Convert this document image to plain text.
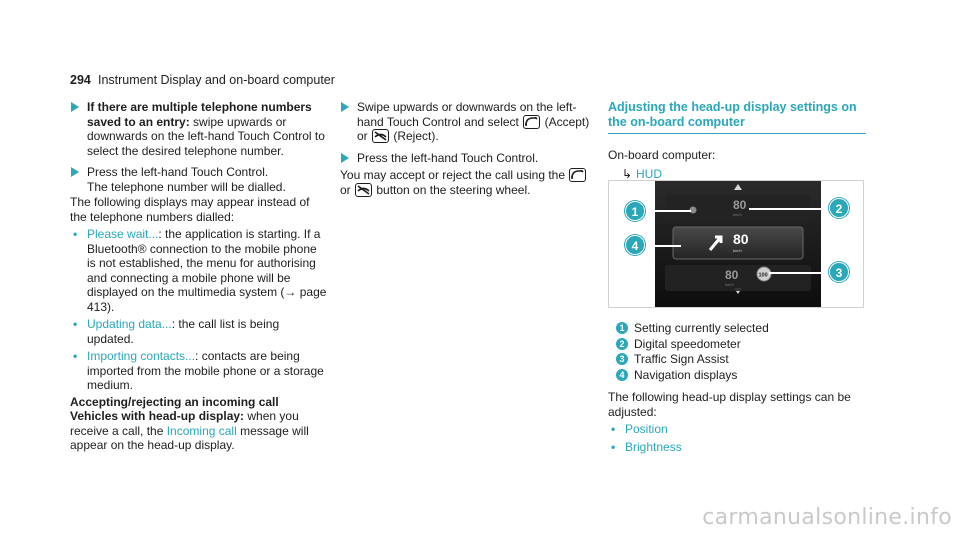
294 Instrument Display and on-board computer
If there are multiple telephone numbers saved to an entry: swipe upwards or downwards on the left-hand Touch Control to select the desired telephone number.
Press the left-hand Touch Control.
The telephone number will be dialled.
The following displays may appear instead of the telephone numbers dialled:
• Please wait...: the application is starting. If a Bluetooth® connection to the mobile phone is not established, the menu for authorising and connecting a mobile phone will be displayed on the multimedia system (→ page 413).
• Updating data...: the call list is being updated.
• Importing contacts...: contacts are being imported from the mobile phone or a storage medium.
Accepting/rejecting an incoming call
Vehicles with head-up display: when you receive a call, the Incoming call message will appear on the head-up display.
Swipe upwards or downwards on the left-hand Touch Control and select
(Accept) or
(Reject).
Press the left-hand Touch Control.
You may accept or reject the call using the

or
button on the steering wheel.
Adjusting the head-up display settings on
the on-board computer
On-board computer:
↳ HUD
80
km/h
80
km/h
80
km/h
100
1	2
3
4
1 Setting currently selected
2 Digital speedometer
3 Traffic Sign Assist
4 Navigation displays
The following head-up display settings can be adjusted:
• Position
• Brightness
carmanualsonline.info
